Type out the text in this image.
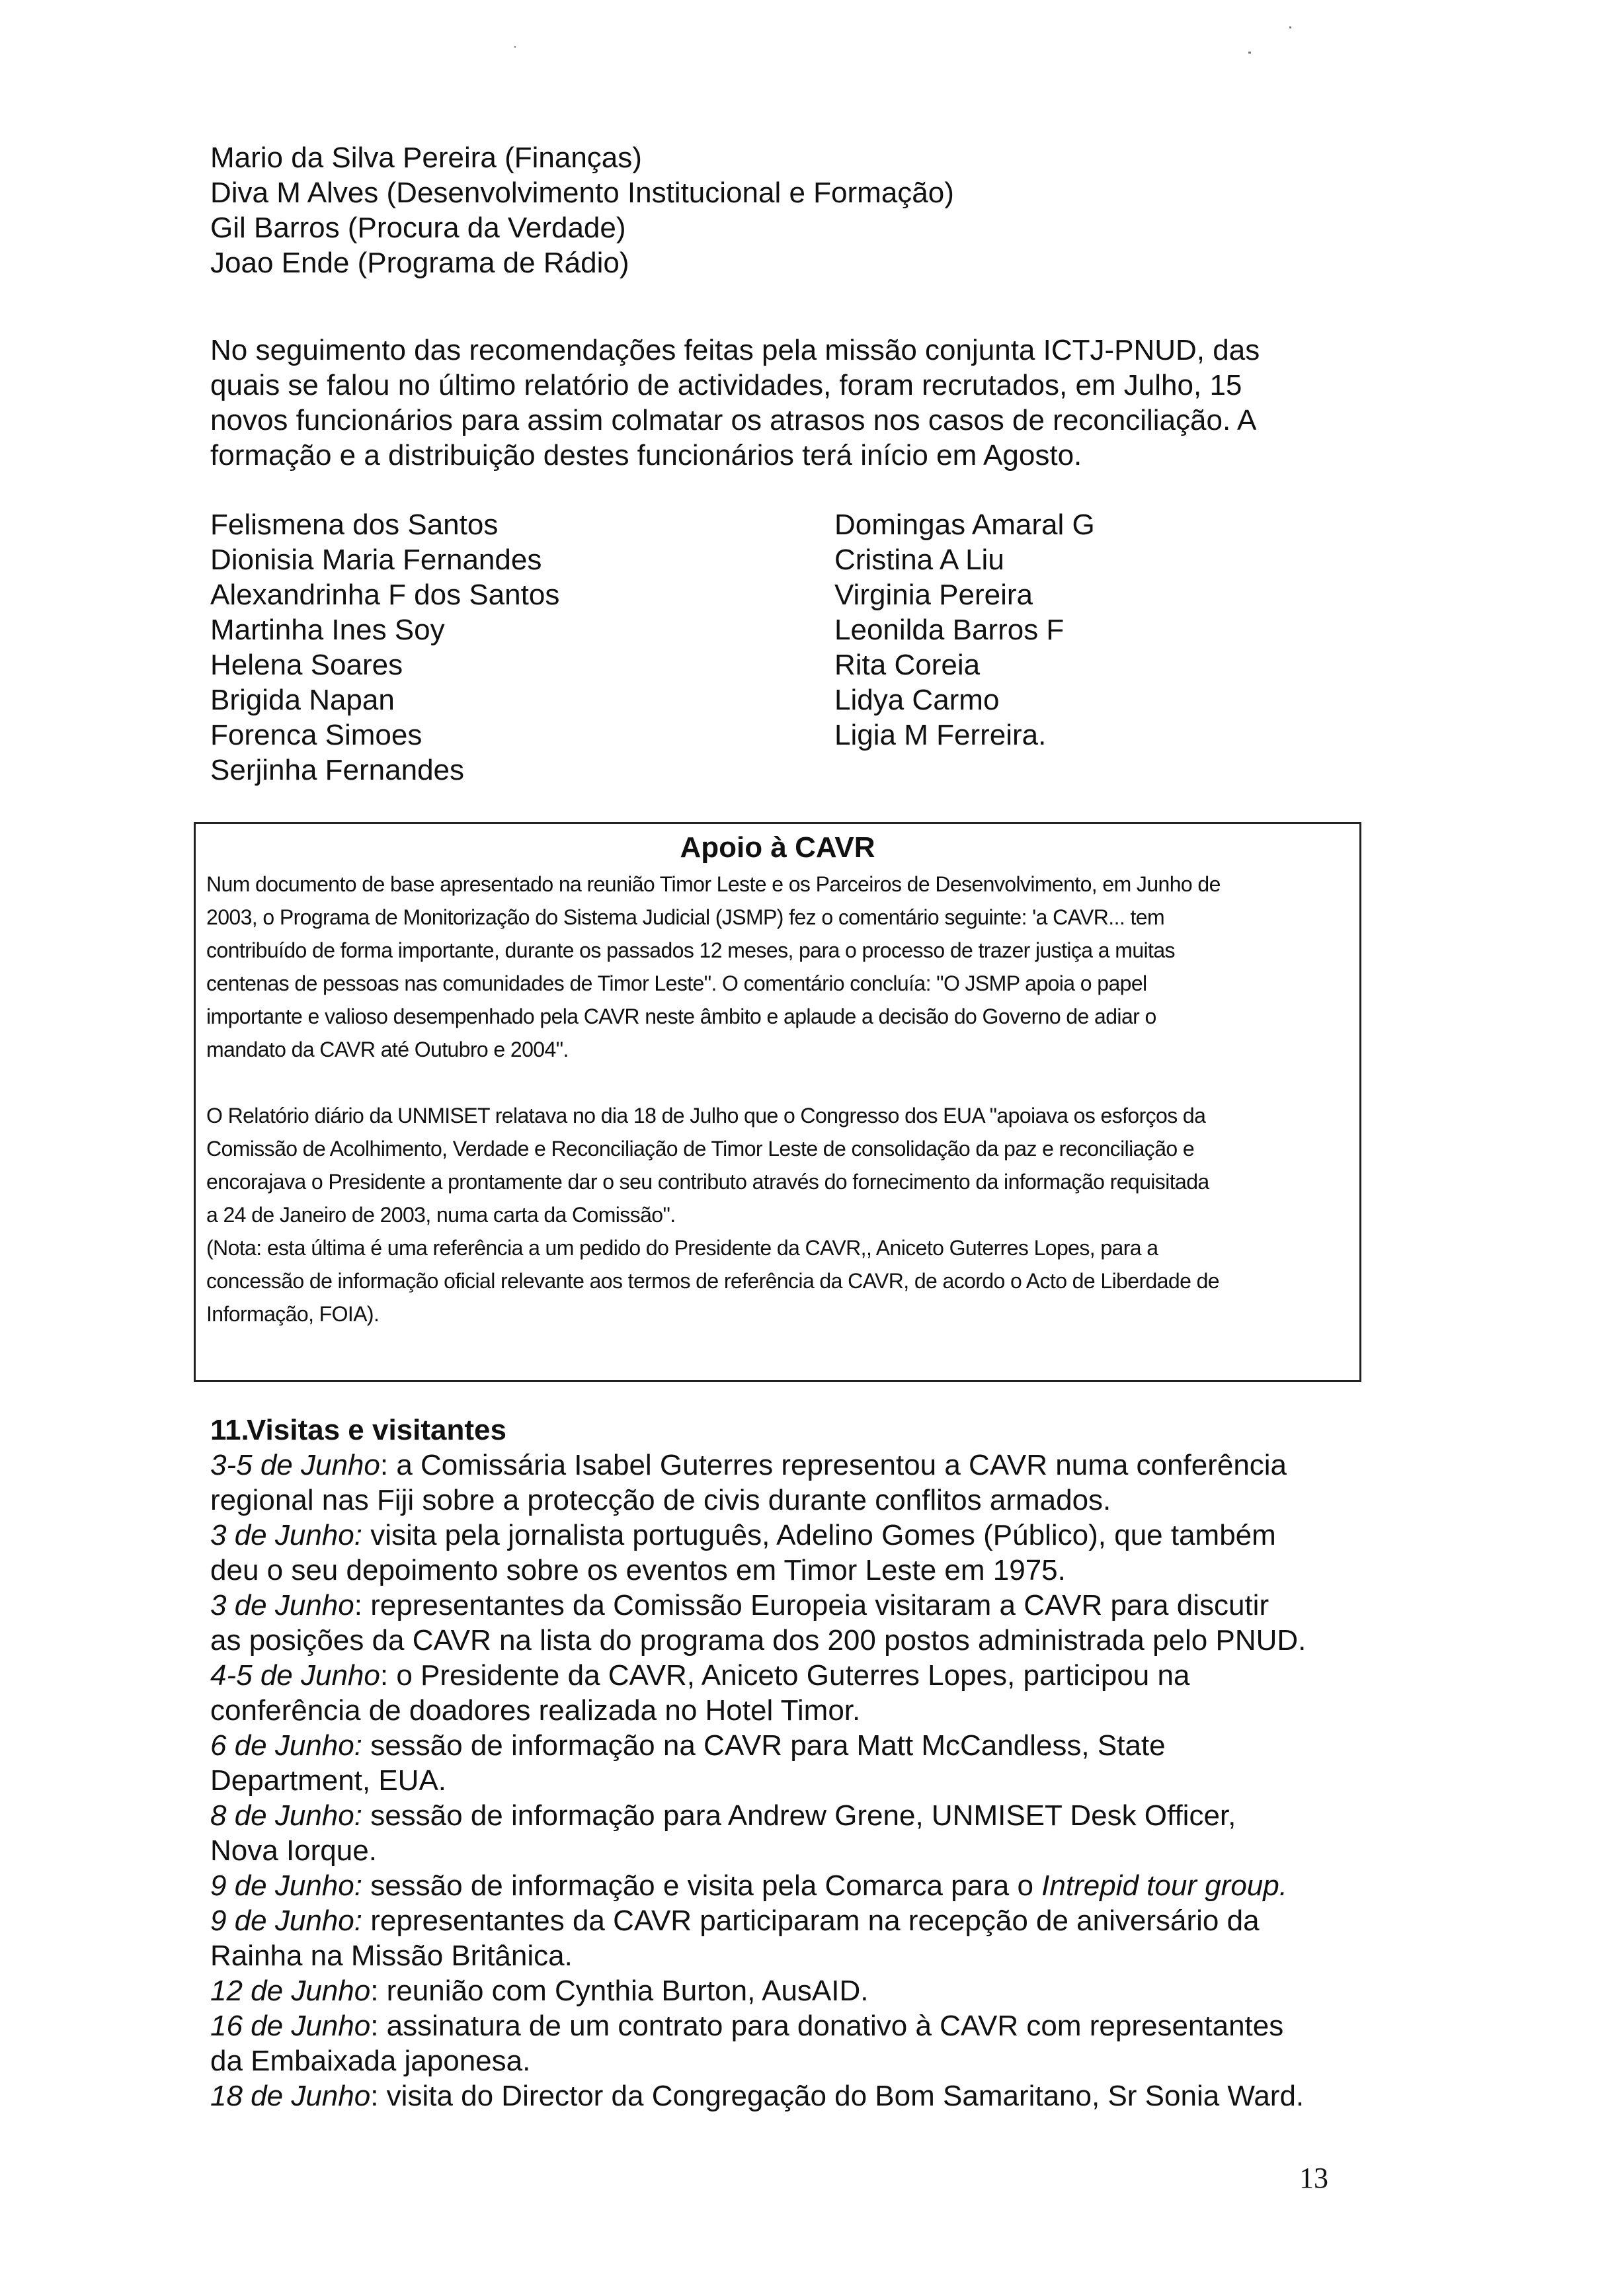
Mario da Silva Pereira (Finanças)
Diva M Alves (Desenvolvimento Institucional e Formação)
Gil Barros (Procura da Verdade)
Joao Ende (Programa de Rádio)
No seguimento das recomendações feitas pela missão conjunta ICTJ-PNUD, das
quais se falou no último relatório de actividades, foram recrutados, em Julho, 15
novos funcionários para assim colmatar os atrasos nos casos de reconciliação. A
formação e a distribuição destes funcionários terá início em Agosto.
Felismena dos Santos
Dionisia Maria Fernandes
Alexandrinha F dos Santos
Martinha Ines Soy
Helena Soares
Brigida Napan
Forenca Simoes
Serjinha Fernandes
Domingas Amaral G
Cristina A Liu
Virginia Pereira
Leonilda Barros F
Rita Coreia
Lidya Carmo
Ligia M Ferreira.
Apoio à CAVR
Num documento de base apresentado na reunião Timor Leste e os Parceiros de Desenvolvimento, em Junho de
2003, o Programa de Monitorização do Sistema Judicial (JSMP) fez o comentário seguinte: 'a CAVR... tem
contribuído de forma importante, durante os passados 12 meses, para o processo de trazer justiça a muitas
centenas de pessoas nas comunidades de Timor Leste". O comentário concluía: "O JSMP apoia o papel
importante e valioso desempenhado pela CAVR neste âmbito e aplaude a decisão do Governo de adiar o
mandato da CAVR até Outubro e 2004".
O Relatório diário da UNMISET relatava no dia 18 de Julho que o Congresso dos EUA "apoiava os esforços da
Comissão de Acolhimento, Verdade e Reconciliação de Timor Leste de consolidação da paz e reconciliação e
encorajava o Presidente a prontamente dar o seu contributo através do fornecimento da informação requisitada
a 24 de Janeiro de 2003, numa carta da Comissão".
(Nota: esta última é uma referência a um pedido do Presidente da CAVR,, Aniceto Guterres Lopes, para a
concessão de informação oficial relevante aos termos de referência da CAVR, de acordo o Acto de Liberdade de
Informação, FOIA).
11.Visitas e visitantes
3-5 de Junho: a Comissária Isabel Guterres representou a CAVR numa conferência
regional nas Fiji sobre a protecção de civis durante conflitos armados.
3 de Junho: visita pela jornalista português, Adelino Gomes (Público), que também
deu o seu depoimento sobre os eventos em Timor Leste em 1975.
3 de Junho: representantes da Comissão Europeia visitaram a CAVR para discutir
as posições da CAVR na lista do programa dos 200 postos administrada pelo PNUD.
4-5 de Junho: o Presidente da CAVR, Aniceto Guterres Lopes, participou na
conferência de doadores realizada no Hotel Timor.
6 de Junho: sessão de informação na CAVR para Matt McCandless, State
Department, EUA.
8 de Junho: sessão de informação para Andrew Grene, UNMISET Desk Officer,
Nova Iorque.
9 de Junho: sessão de informação e visita pela Comarca para o Intrepid tour group.
9 de Junho: representantes da CAVR participaram na recepção de aniversário da
Rainha na Missão Britânica.
12 de Junho: reunião com Cynthia Burton, AusAID.
16 de Junho: assinatura de um contrato para donativo à CAVR com representantes
da Embaixada japonesa.
18 de Junho: visita do Director da Congregação do Bom Samaritano, Sr Sonia Ward.
13
